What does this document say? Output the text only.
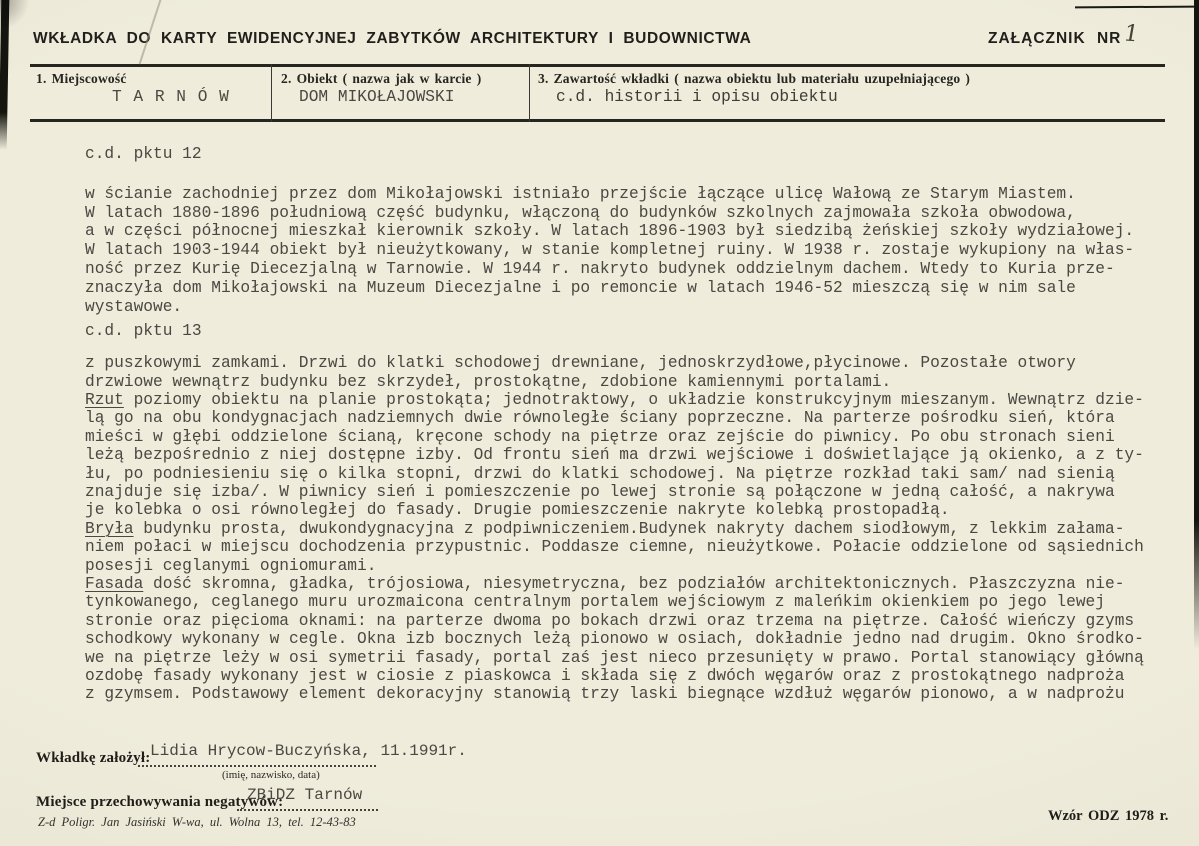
WKŁADKA DO KARTY EWIDENCYJNEJ ZABYTKÓW ARCHITEKTURY I BUDOWNICTWA	ZAŁĄCZNIK NR 1
1. Miejscowość
T A R N Ó W
2. Obiekt ( nazwa jak w karcie )
DOM MIKOŁAJOWSKI
3. Zawartość wkładki ( nazwa obiektu lub materiału uzupełniającego )
c.d. historii i opisu obiektu
c.d. pktu 12
w ścianie zachodniej przez dom Mikołajowski istniało przejście łączące ulicę Wałową ze Starym Miastem.
W latach 1880-1896 południową część budynku, włączoną do budynków szkolnych zajmowała szkoła obwodowa,
a w części północnej mieszkał kierownik szkoły. W latach 1896-1903 był siedzibą żeńskiej szkoły wydziałowej.
W latach 1903-1944 obiekt był nieużytkowany, w stanie kompletnej ruiny. W 1938 r. zostaje wykupiony na włas-
ność przez Kurię Diecezjalną w Tarnowie. W 1944 r. nakryto budynek oddzielnym dachem. Wtedy to Kuria prze-
znaczyła dom Mikołajowski na Muzeum Diecezjalne i po remoncie w latach 1946-52 mieszczą się w nim sale
wystawowe.
c.d. pktu 13
z puszkowymi zamkami. Drzwi do klatki schodowej drewniane, jednoskrzydłowe,płycinowe. Pozostałe otwory
drzwiowe wewnątrz budynku bez skrzydeł, prostokątne, zdobione kamiennymi portalami.
Rzut poziomy obiektu na planie prostokąta; jednotraktowy, o układzie konstrukcyjnym mieszanym. Wewnątrz dzie-
lą go na obu kondygnacjach nadziemnych dwie równoległe ściany poprzeczne. Na parterze pośrodku sień, która
mieści w głębi oddzielone ścianą, kręcone schody na piętrze oraz zejście do piwnicy. Po obu stronach sieni
leżą bezpośrednio z niej dostępne izby. Od frontu sień ma drzwi wejściowe i doświetlające ją okienko, a z ty-
łu, po podniesieniu się o kilka stopni, drzwi do klatki schodowej. Na piętrze rozkład taki sam/ nad sienią
znajduje się izba/. W piwnicy sień i pomieszczenie po lewej stronie są połączone w jedną całość, a nakrywa
je kolebka o osi równoległej do fasady. Drugie pomieszczenie nakryte kolebką prostopadłą.
Bryła budynku prosta, dwukondygnacyjna z podpiwniczeniem.Budynek nakryty dachem siodłowym, z lekkim załama-
niem połaci w miejscu dochodzenia przypustnic. Poddasze ciemne, nieużytkowe. Połacie oddzielone od sąsiednich
posesji ceglanymi ogniomurami.
Fasada dość skromna, gładka, trójosiowa, niesymetryczna, bez podziałów architektonicznych. Płaszczyzna nie-
tynkowanego, ceglanego muru urozmaicona centralnym portalem wejściowym z maleńkim okienkiem po jego lewej
stronie oraz pięcioma oknami: na parterze dwoma po bokach drzwi oraz trzema na piętrze. Całość wieńczy gzyms
schodkowy wykonany w cegle. Okna izb bocznych leżą pionowo w osiach, dokładnie jedno nad drugim. Okno środko-
we na piętrze leży w osi symetrii fasady, portal zaś jest nieco przesunięty w prawo. Portal stanowiący główną
ozdobę fasady wykonany jest w ciosie z piaskowca i składa się z dwóch węgarów oraz z prostokątnego nadproża
z gzymsem. Podstawowy element dekoracyjny stanowią trzy laski biegnące wzdłuż węgarów pionowo, a w nadprożu
Wkładkę założył: Lidia Hrycow-Buczyńska, 11.1991r.
(imię, nazwisko, data)
Miejsce przechowywania negatywów:
ZBiDZ Tarnów
Z-d Poligr. Jan Jasiński W-wa, ul. Wolna 13, tel. 12-43-83	Wzór ODZ 1978 r.
